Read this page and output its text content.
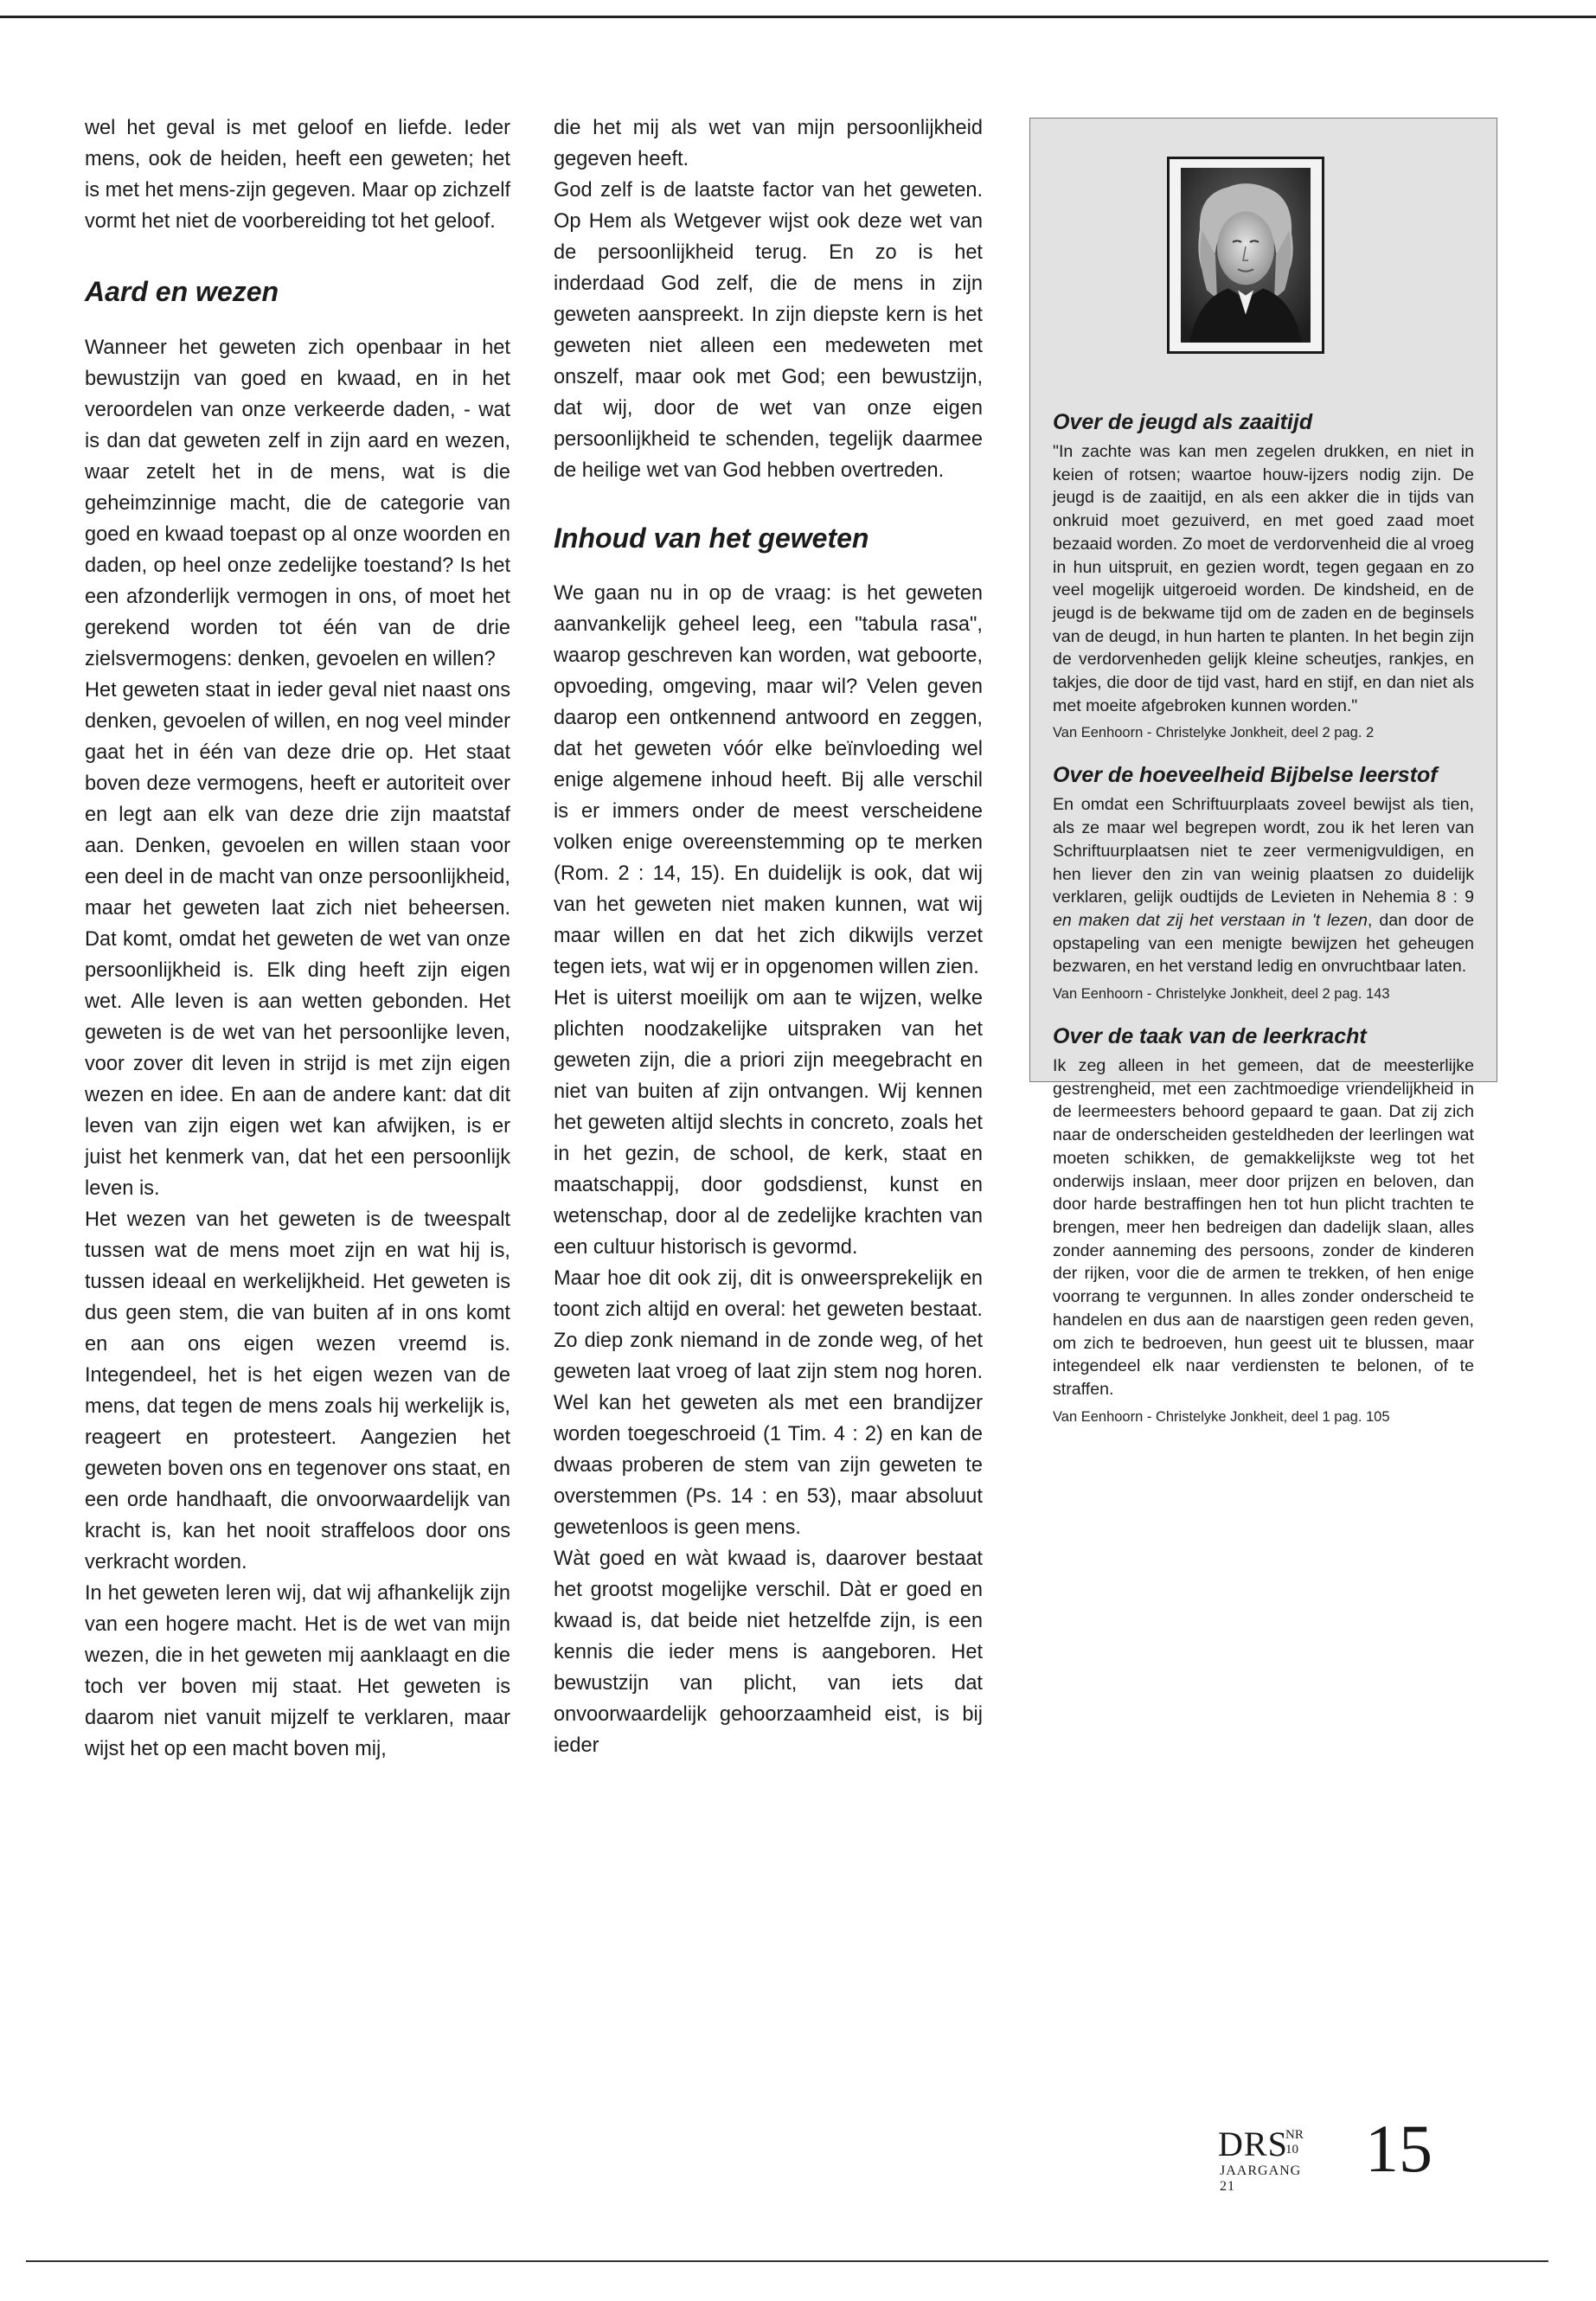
wel het geval is met geloof en liefde. Ieder mens, ook de heiden, heeft een geweten; het is met het mens-zijn gegeven. Maar op zichzelf vormt het niet de voorbereiding tot het geloof.

Aard en wezen

Wanneer het geweten zich openbaar in het bewustzijn van goed en kwaad, en in het veroordelen van onze verkeerde daden, - wat is dan dat geweten zelf in zijn aard en wezen, waar zetelt het in de mens, wat is die geheimzinnige macht, die de categorie van goed en kwaad toepast op al onze woorden en daden, op heel onze zedelijke toestand? Is het een afzonderlijk vermogen in ons, of moet het gerekend worden tot één van de drie zielsvermogens: denken, gevoelen en willen?

Het geweten staat in ieder geval niet naast ons denken, gevoelen of willen, en nog veel minder gaat het in één van deze drie op. Het staat boven deze vermogens, heeft er autoriteit over en legt aan elk van deze drie zijn maatstaf aan. Denken, gevoelen en willen staan voor een deel in de macht van onze persoonlijkheid, maar het geweten laat zich niet beheersen. Dat komt, omdat het geweten de wet van onze persoonlijkheid is. Elk ding heeft zijn eigen wet. Alle leven is aan wetten gebonden. Het geweten is de wet van het persoonlijke leven, voor zover dit leven in strijd is met zijn eigen wezen en idee. En aan de andere kant: dat dit leven van zijn eigen wet kan afwijken, is er juist het kenmerk van, dat het een persoonlijk leven is.

Het wezen van het geweten is de tweespalt tussen wat de mens moet zijn en wat hij is, tussen ideaal en werkelijkheid. Het geweten is dus geen stem, die van buiten af in ons komt en aan ons eigen wezen vreemd is. Integendeel, het is het eigen wezen van de mens, dat tegen de mens zoals hij werkelijk is, reageert en protesteert. Aangezien het geweten boven ons en tegenover ons staat, en een orde handhaaft, die onvoorwaardelijk van kracht is, kan het nooit straffeloos door ons verkracht worden.

In het geweten leren wij, dat wij afhankelijk zijn van een hogere macht. Het is de wet van mijn wezen, die in het geweten mij aanklaagt en die toch ver boven mij staat. Het geweten is daarom niet vanuit mijzelf te verklaren, maar wijst het op een macht boven mij,

die het mij als wet van mijn persoonlijkheid gegeven heeft.

God zelf is de laatste factor van het geweten. Op Hem als Wetgever wijst ook deze wet van de persoonlijkheid terug. En zo is het inderdaad God zelf, die de mens in zijn geweten aanspreekt. In zijn diepste kern is het geweten niet alleen een medeweten met onszelf, maar ook met God; een bewustzijn, dat wij, door de wet van onze eigen persoonlijkheid te schenden, tegelijk daarmee de heilige wet van God hebben overtreden.

Inhoud van het geweten

We gaan nu in op de vraag: is het geweten aanvankelijk geheel leeg, een "tabula rasa", waarop geschreven kan worden, wat geboorte, opvoeding, omgeving, maar wil? Velen geven daarop een ontkennend antwoord en zeggen, dat het geweten vóór elke beïnvloeding wel enige algemene inhoud heeft. Bij alle verschil is er immers onder de meest verscheidene volken enige overeenstemming op te merken (Rom. 2 : 14, 15). En duidelijk is ook, dat wij van het geweten niet maken kunnen, wat wij maar willen en dat het zich dikwijls verzet tegen iets, wat wij er in opgenomen willen zien.

Het is uiterst moeilijk om aan te wijzen, welke plichten noodzakelijke uitspraken van het geweten zijn, die a priori zijn meegebracht en niet van buiten af zijn ontvangen. Wij kennen het geweten altijd slechts in concreto, zoals het in het gezin, de school, de kerk, staat en maatschappij, door godsdienst, kunst en wetenschap, door al de zedelijke krachten van een cultuur historisch is gevormd.

Maar hoe dit ook zij, dit is onweersprekelijk en toont zich altijd en overal: het geweten bestaat. Zo diep zonk niemand in de zonde weg, of het geweten laat vroeg of laat zijn stem nog horen. Wel kan het geweten als met een brandijzer worden toegeschroeid (1 Tim. 4 : 2) en kan de dwaas proberen de stem van zijn geweten te overstemmen (Ps. 14 : en 53), maar absoluut gewetenloos is geen mens.

Wàt goed en wàt kwaad is, daarover bestaat het grootst mogelijke verschil. Dàt er goed en kwaad is, dat beide niet hetzelfde zijn, is een kennis die ieder mens is aangeboren. Het bewustzijn van plicht, van iets dat onvoorwaardelijk gehoorzaamheid eist, is bij ieder

Over de jeugd als zaaitijd

"In zachte was kan men zegelen drukken, en niet in keien of rotsen; waartoe houw-ijzers nodig zijn. De jeugd is de zaaitijd, en als een akker die in tijds van onkruid moet gezuiverd, en met goed zaad moet bezaaid worden. Zo moet de verdorvenheid die al vroeg in hun uitspruit, en gezien wordt, tegen gegaan en zo veel mogelijk uitgeroeid worden. De kindsheid, en de jeugd is de bekwame tijd om de zaden en de beginsels van de deugd, in hun harten te planten. In het begin zijn de verdorvenheden gelijk kleine scheutjes, rankjes, en takjes, die door de tijd vast, hard en stijf, en dan niet als met moeite afgebroken kunnen worden."

Van Eenhoorn - Christelyke Jonkheit, deel 2 pag. 2

Over de hoeveelheid Bijbelse leerstof

En omdat een Schriftuurplaats zoveel bewijst als tien, als ze maar wel begrepen wordt, zou ik het leren van Schriftuurplaatsen niet te zeer vermenigvuldigen, en hen liever den zin van weinig plaatsen zo duidelijk verklaren, gelijk oudtijds de Levieten in Nehemia 8 : 9 en maken dat zij het verstaan in 't lezen, dan door de opstapeling van een menigte bewijzen het geheugen bezwaren, en het verstand ledig en onvruchtbaar laten.

Van Eenhoorn - Christelyke Jonkheit, deel 2 pag. 143

Over de taak van de leerkracht

Ik zeg alleen in het gemeen, dat de meesterlijke gestrengheid, met een zachtmoedige vriendelijkheid in de leermeesters behoord gepaard te gaan. Dat zij zich naar de onderscheiden gesteldheden der leerlingen wat moeten schikken, de gemakkelijkste weg tot het onderwijs inslaan, meer door prijzen en beloven, dan door harde bestraffingen hen tot hun plicht trachten te brengen, meer hen bedreigen dan dadelijk slaan, alles zonder aanneming des persoons, zonder de kinderen der rijken, voor die de armen te trekken, of hen enige voorrang te vergunnen. In alles zonder onderscheid te handelen en dus aan de naarstigen geen reden geven, om zich te bedroeven, hun geest uit te blussen, maar integendeel elk naar verdiensten te belonen, of te straffen.

Van Eenhoorn - Christelyke Jonkheit, deel 1 pag. 105

DRS
NR 10
JAARGANG 21
15
